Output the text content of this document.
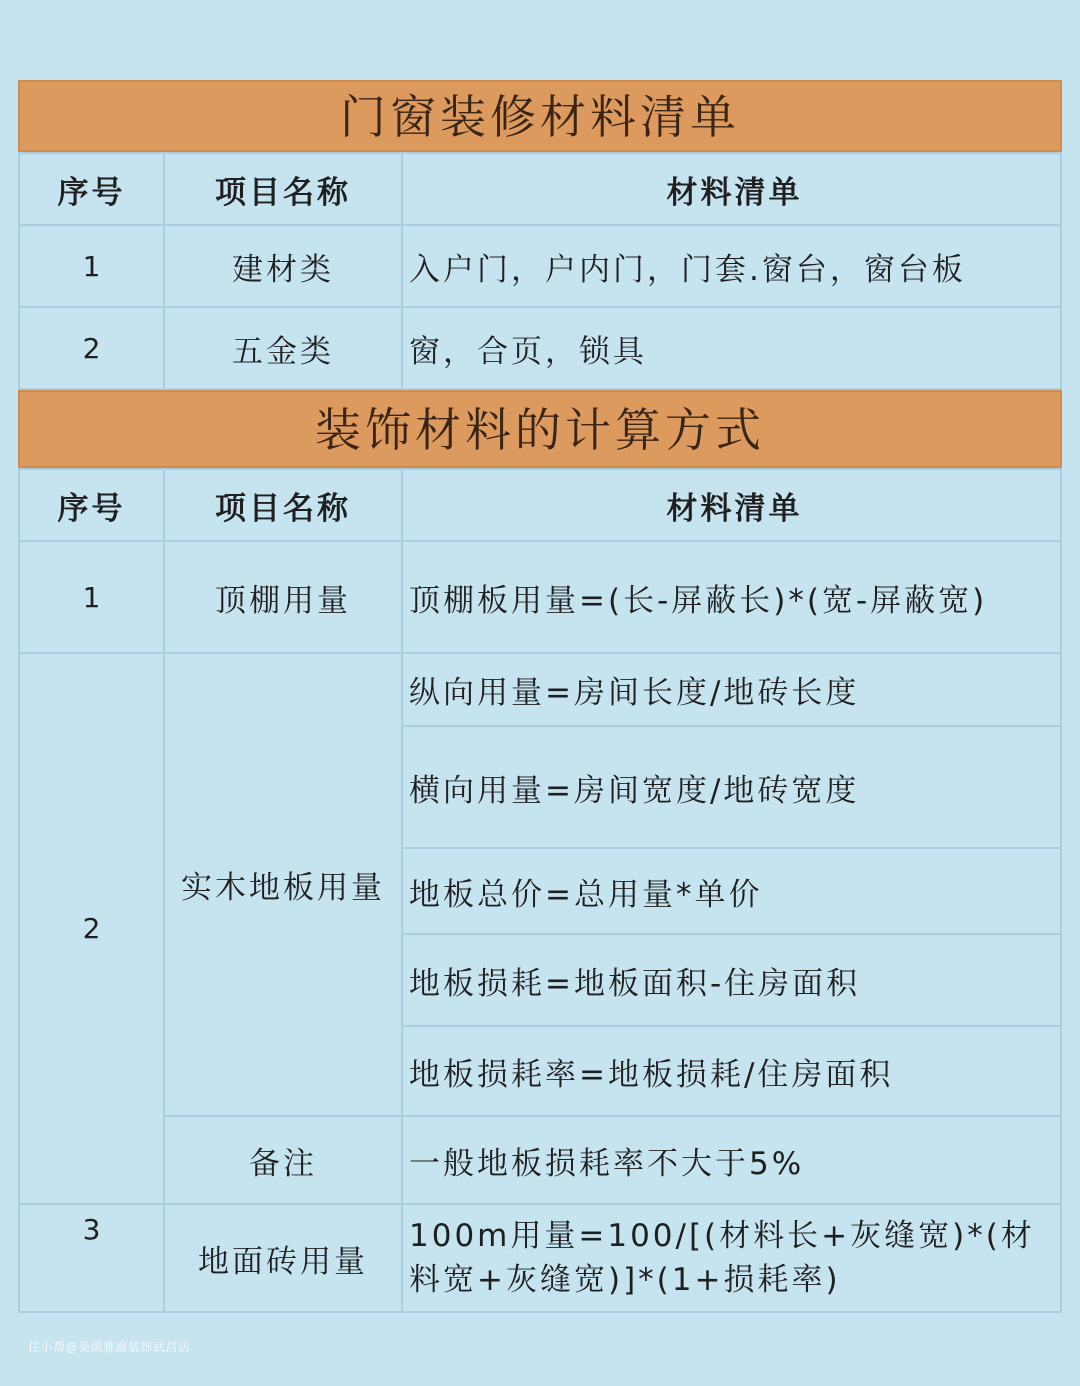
门窗装修材料清单
序号	项目名称	材料清单
1	建材类	入户门，户内门，门套.窗台，窗台板
2	五金类	窗，合页，锁具
装饰材料的计算方式
序号	项目名称	材料清单
1	顶棚用量	顶棚板用量=(长-屏蔽长)*(宽-屏蔽宽)
2	实木地板用量	纵向用量=房间长度/地砖长度
		横向用量=房间宽度/地砖宽度
		地板总价=总用量*单价
		地板损耗=地板面积-住房面积
		地板损耗率=地板损耗/住房面积
	备注	一般地板损耗率不大于5%
3	地面砖用量	100m用量=100/[(材料长+灰缝宽)*(材料宽+灰缝宽)]*(1+损耗率)
住小帮@美颂雅庭装饰武昌店
